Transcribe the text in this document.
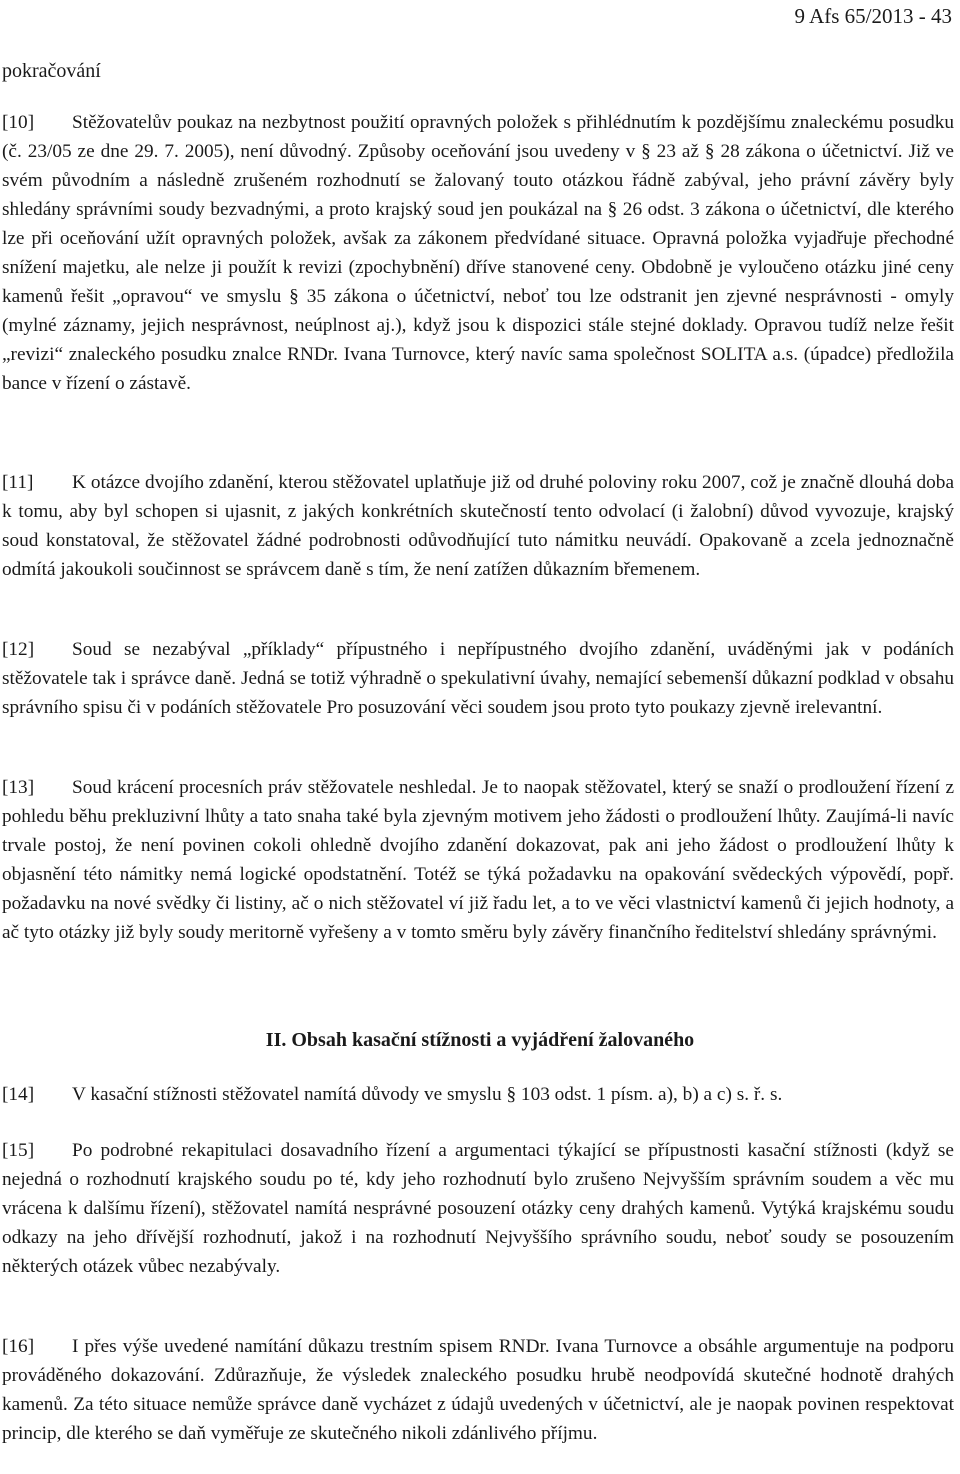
9 Afs 65/2013 - 43
pokračování

[10] Stěžovatelův poukaz na nezbytnost použití opravných položek s přihlédnutím k pozdějšímu znaleckému posudku (č. 23/05 ze dne 29. 7. 2005), není důvodný. Způsoby oceňování jsou uvedeny v § 23 až § 28 zákona o účetnictví. Již ve svém původním a následně zrušeném rozhodnutí se žalovaný touto otázkou řádně zabýval, jeho právní závěry byly shledány správními soudy bezvadnými, a proto krajský soud jen poukázal na § 26 odst. 3 zákona o účetnictví, dle kterého lze při oceňování užít opravných položek, avšak za zákonem předvídané situace. Opravná položka vyjadřuje přechodné snížení majetku, ale nelze ji použít k revizi (zpochybnění) dříve stanovené ceny. Obdobně je vyloučeno otázku jiné ceny kamenů řešit „opravou“ ve smyslu § 35 zákona o účetnictví, neboť tou lze odstranit jen zjevné nesprávnosti - omyly (mylné záznamy, jejich nesprávnost, neúplnost aj.), když jsou k dispozici stále stejné doklady. Opravou tudíž nelze řešit „revizi“ znaleckého posudku znalce RNDr. Ivana Turnovce, který navíc sama společnost SOLITA a.s. (úpadce) předložila bance v řízení o zástavě.

[11] K otázce dvojího zdanění, kterou stěžovatel uplatňuje již od druhé poloviny roku 2007, což je značně dlouhá doba k tomu, aby byl schopen si ujasnit, z jakých konkrétních skutečností tento odvolací (i žalobní) důvod vyvozuje, krajský soud konstatoval, že stěžovatel žádné podrobnosti odůvodňující tuto námitku neuvádí. Opakovaně a zcela jednoznačně odmítá jakoukoli součinnost se správcem daně s tím, že není zatížen důkazním břemenem.

[12] Soud se nezabýval „příklady“ přípustného i nepřípustného dvojího zdanění, uváděnými jak v podáních stěžovatele tak i správce daně. Jedná se totiž výhradně o spekulativní úvahy, nemající sebemenší důkazní podklad v obsahu správního spisu či v podáních stěžovatele Pro posuzování věci soudem jsou proto tyto poukazy zjevně irelevantní.

[13] Soud krácení procesních práv stěžovatele neshledal. Je to naopak stěžovatel, který se snaží o prodloužení řízení z pohledu běhu prekluzivní lhůty a tato snaha také byla zjevným motivem jeho žádosti o prodloužení lhůty. Zaujímá-li navíc trvale postoj, že není povinen cokoli ohledně dvojího zdanění dokazovat, pak ani jeho žádost o prodloužení lhůty k objasnění této námitky nemá logické opodstatnění. Totéž se týká požadavku na opakování svědeckých výpovědí, popř. požadavku na nové svědky či listiny, ač o nich stěžovatel ví již řadu let, a to ve věci vlastnictví kamenů či jejich hodnoty, a ač tyto otázky již byly soudy meritorně vyřešeny a v tomto směru byly závěry finančního ředitelství shledány správnými.

II. Obsah kasační stížnosti a vyjádření žalovaného

[14] V kasační stížnosti stěžovatel namítá důvody ve smyslu § 103 odst. 1 písm. a), b) a c) s. ř. s.

[15] Po podrobné rekapitulaci dosavadního řízení a argumentaci týkající se přípustnosti kasační stížnosti (když se nejedná o rozhodnutí krajského soudu po té, kdy jeho rozhodnutí bylo zrušeno Nejvyšším správním soudem a věc mu vrácena k dalšímu řízení), stěžovatel namítá nesprávné posouzení otázky ceny drahých kamenů. Vytýká krajskému soudu odkazy na jeho dřívější rozhodnutí, jakož i na rozhodnutí Nejvyššího správního soudu, neboť soudy se posouzením některých otázek vůbec nezabývaly.

[16] I přes výše uvedené namítání důkazu trestním spisem RNDr. Ivana Turnovce a obsáhle argumentuje na podporu prováděného dokazování. Zdůrazňuje, že výsledek znaleckého posudku hrubě neodpovídá skutečné hodnotě drahých kamenů. Za této situace nemůže správce daně vycházet z údajů uvedených v účetnictví, ale je naopak povinen respektovat princip, dle kterého se daň vyměřuje ze skutečného nikoli zdánlivého příjmu.
